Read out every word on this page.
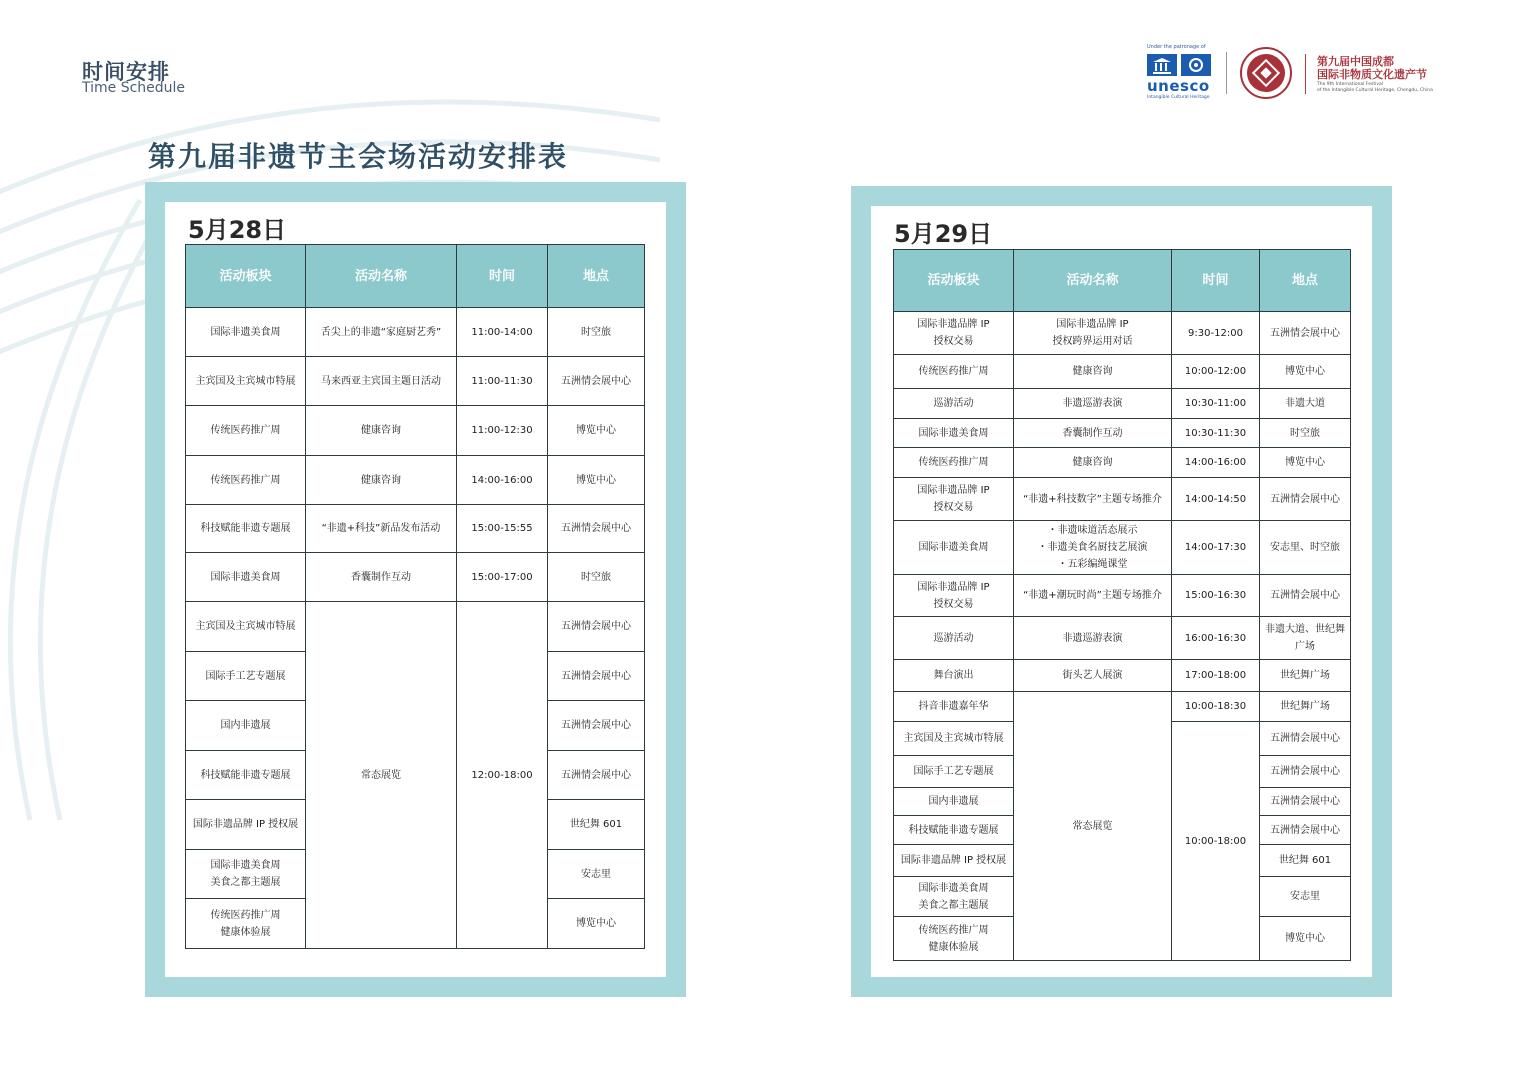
时间安排
Time Schedule
第九届非遗节主会场活动安排表
Under the patronage of
unesco
Intangible Cultural Heritage
第九届中国成都
国际非物质文化遗产节
The 9th International Festival
of the Intangible Cultural Heritage, Chengdu, China
5月28日
活动板块	活动名称	时间	地点

国际非遗美食周	舌尖上的非遗“家庭厨艺秀”	11:00-14:00	时空旅

主宾国及主宾城市特展	马来西亚主宾国主题日活动	11:00-11:30	五洲情会展中心

传统医药推广周	健康咨询	11:00-12:30	博览中心

传统医药推广周	健康咨询	14:00-16:00	博览中心

科技赋能非遗专题展	“非遗+科技”新品发布活动	15:00-15:55	五洲情会展中心

国际非遗美食周	香囊制作互动	15:00-17:00	时空旅

主宾国及主宾城市特展	常态展览	12:00-18:00	五洲情会展中心

国际手工艺专题展			五洲情会展中心

国内非遗展			五洲情会展中心

科技赋能非遗专题展			五洲情会展中心

国际非遗品牌 IP 授权展			世纪舞 601

国际非遗美食周
美食之都主题展			安志里

传统医药推广周
健康体验展			博览中心
5月29日
活动板块	活动名称	时间	地点

国际非遗品牌 IP
授权交易	国际非遗品牌 IP
授权跨界运用对话	9:30-12:00	五洲情会展中心

传统医药推广周	健康咨询	10:00-12:00	博览中心

巡游活动	非遗巡游表演	10:30-11:00	非遗大道

国际非遗美食周	香囊制作互动	10:30-11:30	时空旅

传统医药推广周	健康咨询	14:00-16:00	博览中心

国际非遗品牌 IP
授权交易	“非遗+科技数字”主题专场推介	14:00-14:50	五洲情会展中心

国际非遗美食周	・非遗味道活态展示
・非遗美食名厨技艺展演
・五彩编绳课堂	14:00-17:30	安志里、时空旅

国际非遗品牌 IP
授权交易	“非遗+潮玩时尚”主题专场推介	15:00-16:30	五洲情会展中心

巡游活动	非遗巡游表演	16:00-16:30	非遗大道、世纪舞
广场

舞台演出	街头艺人展演	17:00-18:00	世纪舞广场

抖音非遗嘉年华	常态展览	10:00-18:30	世纪舞广场

主宾国及主宾城市特展		10:00-18:00	五洲情会展中心

国际手工艺专题展			五洲情会展中心

国内非遗展			五洲情会展中心

科技赋能非遗专题展			五洲情会展中心

国际非遗品牌 IP 授权展			世纪舞 601

国际非遗美食周
美食之都主题展			安志里

传统医药推广周
健康体验展			博览中心
